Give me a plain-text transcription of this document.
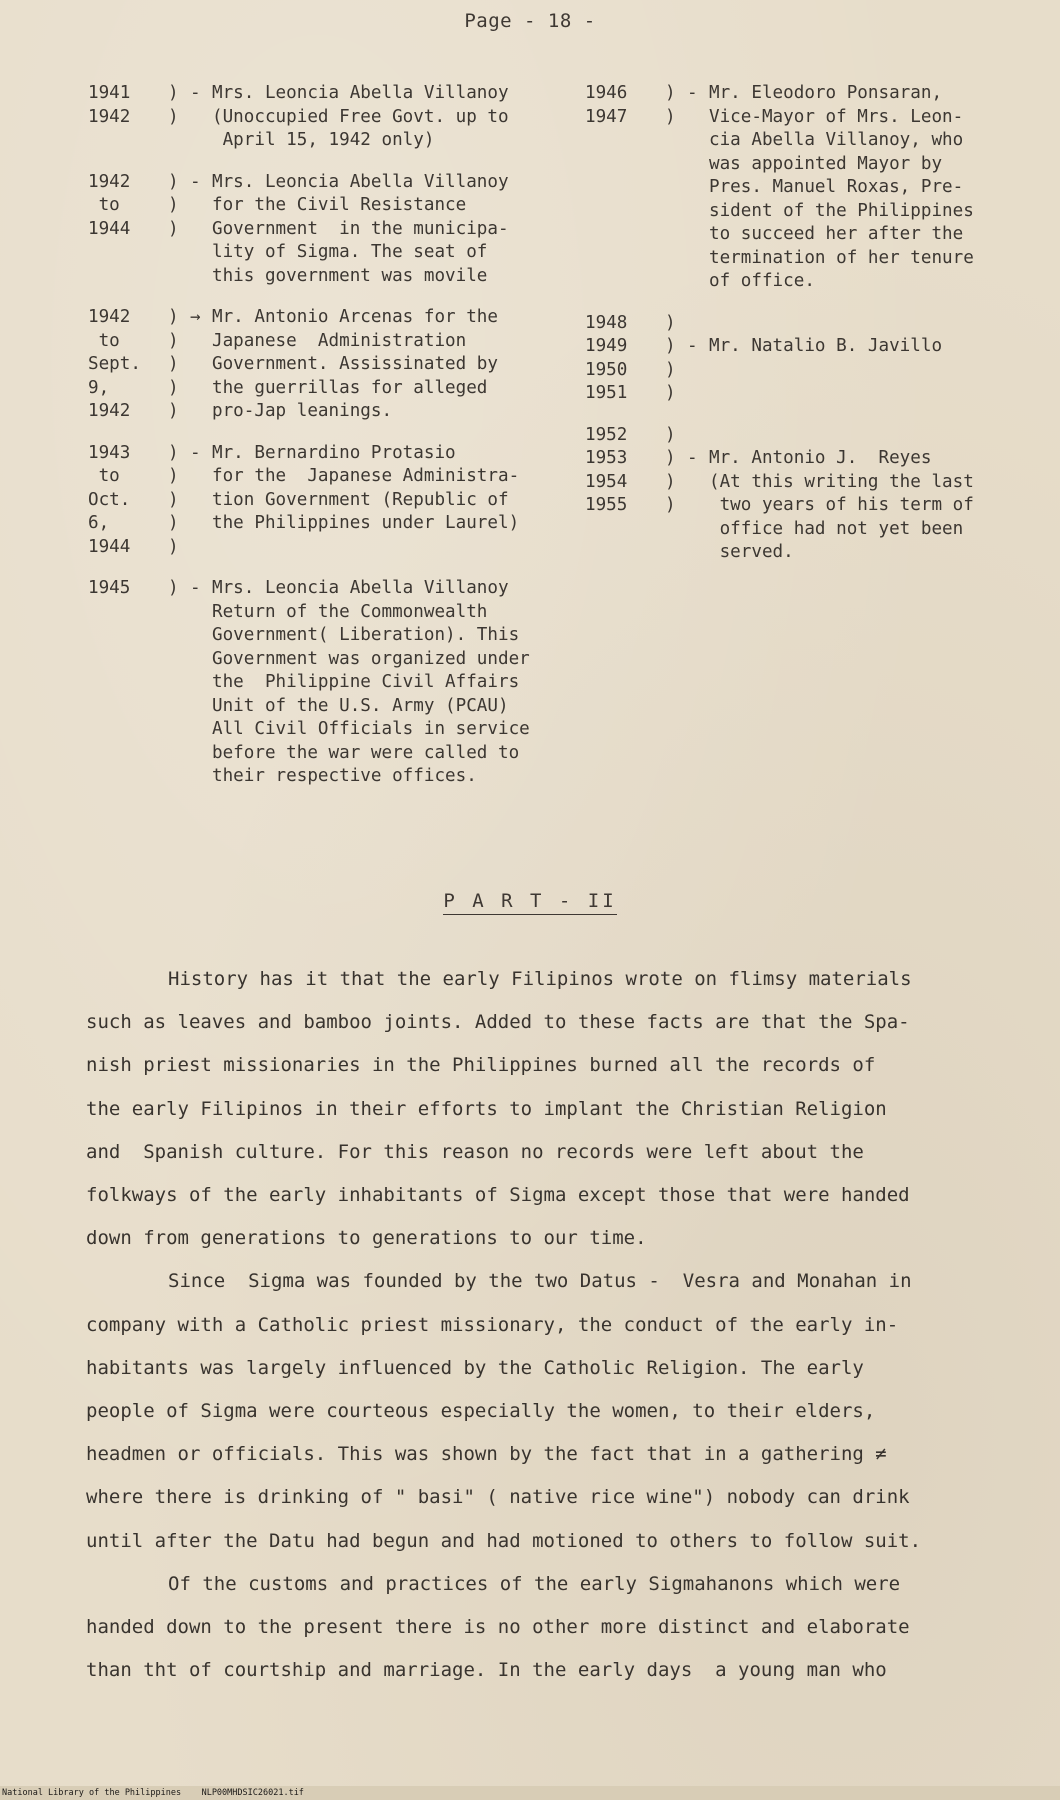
Page - 18 -
1941
1942
)
)
- Mrs. Leoncia Abella Villanoy
(Unoccupied Free Govt. up to
April 15, 1942 only)
1942
to
1944
)
)
)
- Mrs. Leoncia Abella Villanoy
for the Civil Resistance
Government  in the municipa-
lity of Sigma. The seat of
this government was movile
1942
to
Sept.
9,
1942
)
)
)
)
)
→ Mr. Antonio Arcenas for the
Japanese  Administration
Government. Assissinated by
the guerrillas for alleged
pro-Jap leanings.
1943
to
Oct.
6,
1944
)
)
)
)
)
- Mr. Bernardino Protasio
for the  Japanese Administra-
tion Government (Republic of
the Philippines under Laurel)
1945	) - Mrs. Leoncia Abella Villanoy
Return of the Commonwealth
Government( Liberation). This
Government was organized under
the  Philippine Civil Affairs
Unit of the U.S. Army (PCAU)
All Civil Officials in service
before the war were called to
their respective offices.
1946
1947
)
)
- Mr. Eleodoro Ponsaran,
Vice-Mayor of Mrs. Leon-
cia Abella Villanoy, who
was appointed Mayor by
Pres. Manuel Roxas, Pre-
sident of the Philippines
to succeed her after the
termination of her tenure
of office.
1948
1949
1950
1951
)
)
)
)

-
Mr. Natalio B. Javillo
1952
1953
1954
1955
)
)
)
)

-
Mr. Antonio J.  Reyes
(At this writing the last
two years of his term of
office had not yet been
served.
P A R T - II
History has it that the early Filipinos wrote on flimsy materials
such as leaves and bamboo joints. Added to these facts are that the Spa-
nish priest missionaries in the Philippines burned all the records of
the early Filipinos in their efforts to implant the Christian Religion
and  Spanish culture. For this reason no records were left about the
folkways of the early inhabitants of Sigma except those that were handed
down from generations to generations to our time.
Since  Sigma was founded by the two Datus -  Vesra and Monahan in
company with a Catholic priest missionary, the conduct of the early in-
habitants was largely influenced by the Catholic Religion. The early
people of Sigma were courteous especially the women, to their elders,
headmen or officials. This was shown by the fact that in a gathering ≠
where there is drinking of " basi" ( native rice wine") nobody can drink
until after the Datu had begun and had motioned to others to follow suit.
Of the customs and practices of the early Sigmahanons which were
handed down to the present there is no other more distinct and elaborate
than tht of courtship and marriage. In the early days  a young man who
National Library of the Philippines    NLP00MHDSIC26021.tif
